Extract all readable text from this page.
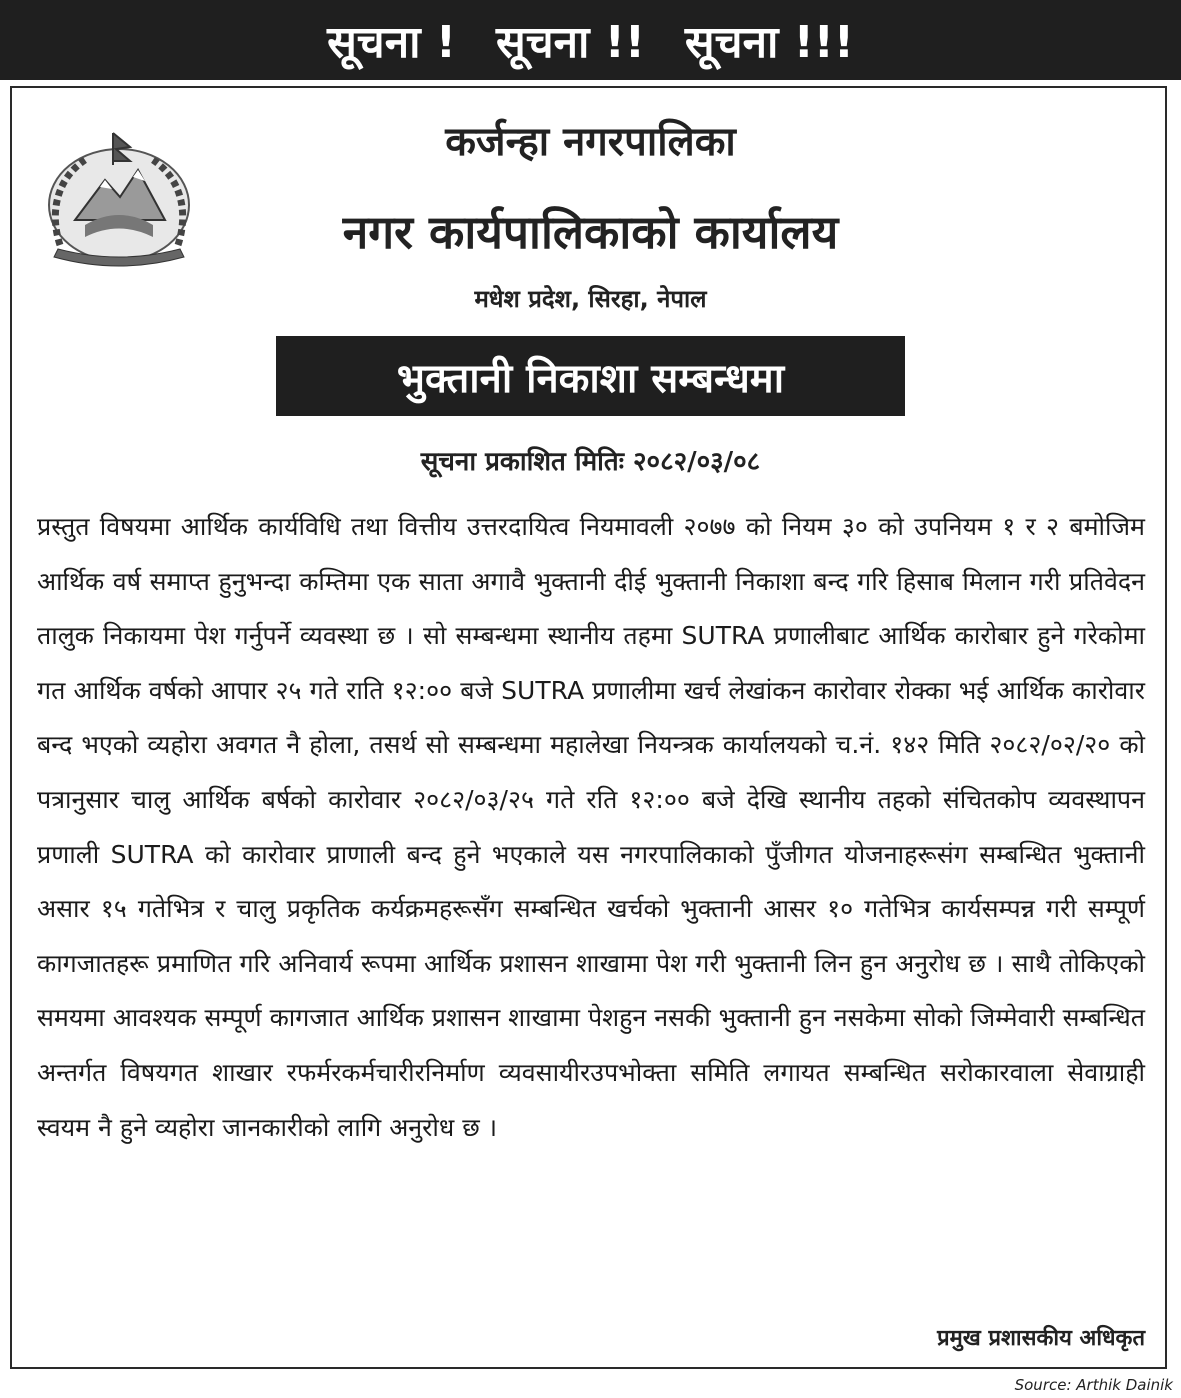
सूचना ! सूचना !! सूचना !!!
कर्जन्हा नगरपालिका
नगर कार्यपालिकाको कार्यालय
मधेश प्रदेश, सिरहा, नेपाल
भुक्तानी निकाशा सम्बन्धमा
सूचना प्रकाशित मितिः २०८२/०३/०८
प्रस्तुत विषयमा आर्थिक कार्यविधि तथा वित्तीय उत्तरदायित्व नियमावली २०७७ को नियम ३० को उपनियम १ र २ बमोजिम आर्थिक वर्ष समाप्त हुनुभन्दा कम्तिमा एक साता अगावै भुक्तानी दीई भुक्तानी निकाशा बन्द गरि हिसाब मिलान गरी प्रतिवेदन तालुक निकायमा पेश गर्नुपर्ने व्यवस्था छ । सो सम्बन्धमा स्थानीय तहमा SUTRA प्रणालीबाट आर्थिक कारोबार हुने गरेकोमा गत आर्थिक वर्षको आपार २५ गते राति १२:०० बजे SUTRA प्रणालीमा खर्च लेखांकन कारोवार रोक्का भई आर्थिक कारोवार बन्द भएको व्यहोरा अवगत नै होला, तसर्थ सो सम्बन्धमा महालेखा नियन्त्रक कार्यालयको च.नं. १४२ मिति २०८२/०२/२० को पत्रानुसार चालु आर्थिक बर्षको कारोवार २०८२/०३/२५ गते रति १२:०० बजे देखि स्थानीय तहको संचितकोप व्यवस्थापन प्रणाली SUTRA को कारोवार प्राणाली बन्द हुने भएकाले यस नगरपालिकाको पुँजीगत योजनाहरूसंग सम्बन्धित भुक्तानी असार १५ गतेभित्र र चालु प्रकृतिक कर्यक्रमहरूसँग सम्बन्धित खर्चको भुक्तानी आसर १० गतेभित्र कार्यसम्पन्न गरी सम्पूर्ण कागजातहरू प्रमाणित गरि अनिवार्य रूपमा आर्थिक प्रशासन शाखामा पेश गरी भुक्तानी लिन हुन अनुरोध छ । साथै तोकिएको समयमा आवश्यक सम्पूर्ण कागजात आर्थिक प्रशासन शाखामा पेशहुन नसकी भुक्तानी हुन नसकेमा सोको जिम्मेवारी सम्बन्धित अन्तर्गत विषयगत शाखार रफर्मरकर्मचारीरनिर्माण व्यवसायीरउपभोक्ता समिति लगायत सम्बन्धित सरोकारवाला सेवाग्राही स्वयम नै हुने व्यहोरा जानकारीको लागि अनुरोध छ ।
प्रमुख प्रशासकीय अधिकृत
Source: Arthik Dainik
